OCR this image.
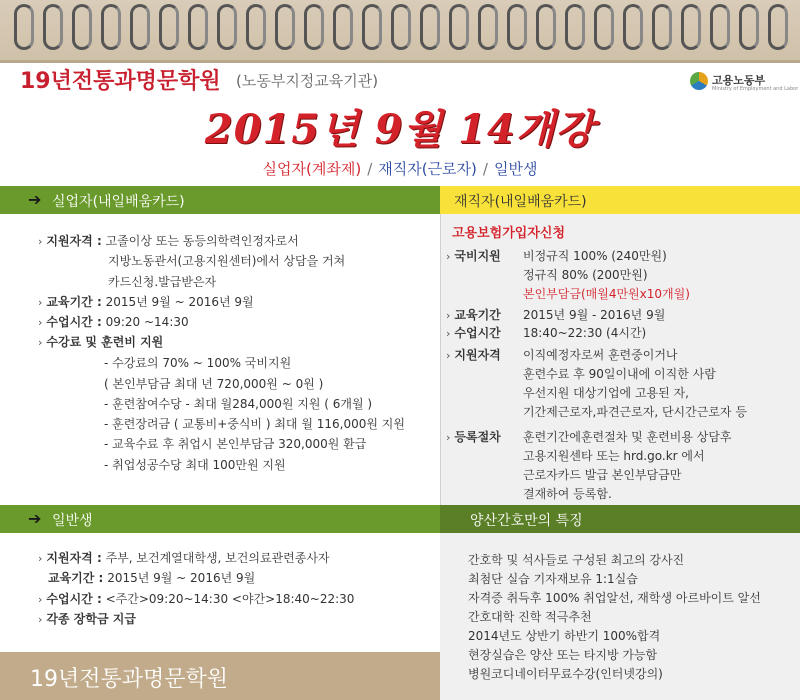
19년전통과명문학원 (노동부지정교육기관)	고용노동부
Ministry of Employment and Labor
2015년 9월 14개강
실업자(계좌제) / 재직자(근로자) / 일반생
➔ 실업자(내일배움카드)	재직자(내일배움카드)
› 지원자격 : 고졸이상 또는 동등의학력인정자로서
지방노동관서(고용지원센터)에서 상담을 거쳐
카드신청.발급받은자
› 교육기간 : 2015년 9월 ~ 2016년 9월
› 수업시간 : 09:20 ~14:30
› 수강료 및 훈련비 지원
- 수강료의 70% ~ 100% 국비지원
( 본인부담금 최대 년 720,000원 ~ 0원 )
- 훈련참여수당 - 최대 월284,000원 지원 ( 6개월 )
- 훈련장려금 ( 교통비+중식비 ) 최대 월 116,000원 지원
- 교육수료 후 취업시 본인부담금 320,000원 환급
- 취업성공수당 최대 100만원 지원
고용보험가입자신청
› 국비지원 비정규직 100% (240만원)
정규직 80% (200만원)
본인부담금(매월4만원x10개월)
› 교육기간 2015년 9월 - 2016년 9월
› 수업시간 18:40~22:30 (4시간)
› 지원자격 이직예정자로써 훈련중이거나
훈련수료 후 90일이내에 이직한 사람
우선지원 대상기업에 고용된 자,
기간제근로자,파견근로자, 단시간근로자 등
› 등록절차 훈련기간에훈련절차 및 훈련비용 상담후
고용지원센타 또는 hrd.go.kr 에서
근로자카드 발급 본인부담금만
결재하여 등록함.
➔ 일반생	양산간호만의 특징
› 지원자격 : 주부, 보건계열대학생, 보건의료관련종사자
교육기간 : 2015년 9월 ~ 2016년 9월
› 수업시간 : <주간>09:20~14:30 <야간>18:40~22:30
› 각종 장학금 지급
간호학 및 석사들로 구성된 최고의 강사진
최첨단 실습 기자재보유 1:1실습
자격증 취득후 100% 취업알선, 재학생 아르바이트 알선
간호대학 진학 적극추천
2014년도 상반기 하반기 100%합격
현장실습은 양산 또는 타지방 가능함
병원코디네이터무료수강(인터넷강의)
19년전통과명문학원
